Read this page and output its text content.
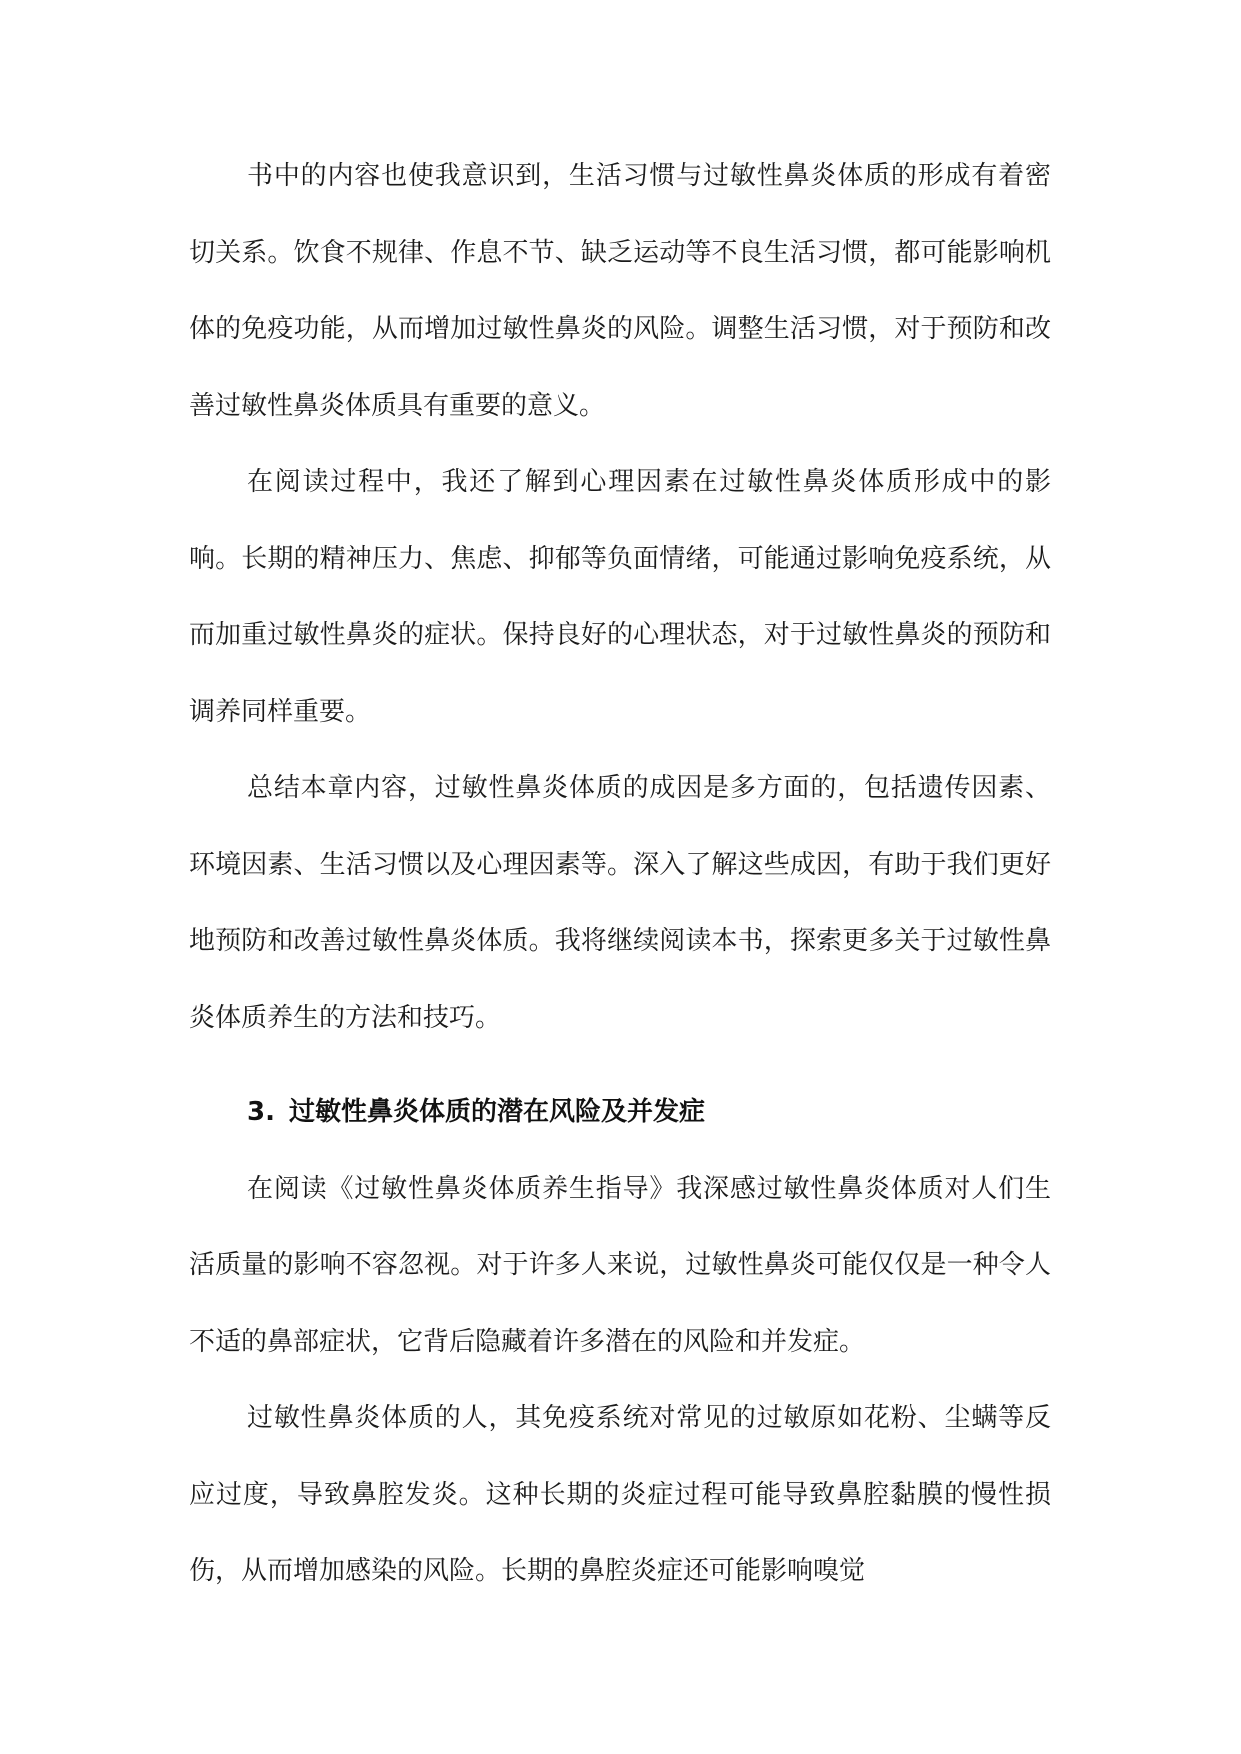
书中的内容也使我意识到，生活习惯与过敏性鼻炎体质的形成有着密切关系。饮食不规律、作息不节、缺乏运动等不良生活习惯，都可能影响机体的免疫功能，从而增加过敏性鼻炎的风险。调整生活习惯，对于预防和改善过敏性鼻炎体质具有重要的意义。

在阅读过程中，我还了解到心理因素在过敏性鼻炎体质形成中的影响。长期的精神压力、焦虑、抑郁等负面情绪，可能通过影响免疫系统，从而加重过敏性鼻炎的症状。保持良好的心理状态，对于过敏性鼻炎的预防和调养同样重要。

总结本章内容，过敏性鼻炎体质的成因是多方面的，包括遗传因素、环境因素、生活习惯以及心理因素等。深入了解这些成因，有助于我们更好地预防和改善过敏性鼻炎体质。我将继续阅读本书，探索更多关于过敏性鼻炎体质养生的方法和技巧。

3. 过敏性鼻炎体质的潜在风险及并发症

在阅读《过敏性鼻炎体质养生指导》我深感过敏性鼻炎体质对人们生活质量的影响不容忽视。对于许多人来说，过敏性鼻炎可能仅仅是一种令人不适的鼻部症状，它背后隐藏着许多潜在的风险和并发症。

过敏性鼻炎体质的人，其免疫系统对常见的过敏原如花粉、尘螨等反应过度，导致鼻腔发炎。这种长期的炎症过程可能导致鼻腔黏膜的慢性损伤，从而增加感染的风险。长期的鼻腔炎症还可能影响嗅觉
